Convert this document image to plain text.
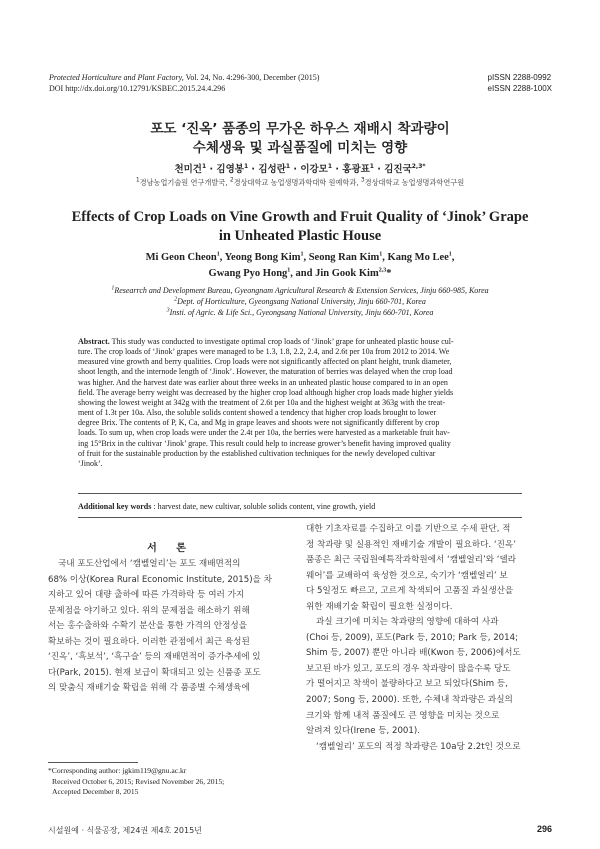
Protected Horticulture and Plant Factory, Vol. 24, No. 4:296-300, December (2015)
DOI http://dx.doi.org/10.12791/KSBEC.2015.24.4.296
pISSN 2288-0992
eISSN 2288-100X
포도 ‘진옥’ 품종의 무가온 하우스 재배시 착과량이
수체생육 및 과실품질에 미치는 영향
천미건$^1$ · 김영봉$^1$ · 김성란$^1$ · 이강모$^1$ · 홍광표$^1$ · 김진국$^{2,3*}$
$^1$경남농업기술원 연구개발국, $^2$경상대학교 농업생명과학대학 원예학과, $^3$경상대학교 농업생명과학연구원
Effects of Crop Loads on Vine Growth and Fruit Quality of ‘Jinok’ Grape
in Unheated Plastic House
Mi Geon Cheon$^1$, Yeong Bong Kim$^1$, Seong Ran Kim$^1$, Kang Mo Lee$^1$,
Gwang Pyo Hong$^1$, and Jin Gook Kim$^{2,3}$*
$^1$Researrch and Development Bureau, Gyeongnam Agricultural Research & Extension Services, Jinju 660-985, Korea
$^2$Dept. of Horticulture, Gyeongsang National University, Jinju 660-701, Korea
$^3$Insti. of Agric. & Life Sci., Gyeongsang National University, Jinju 660-701, Korea
Abstract. This study was conducted to investigate optimal crop loads of ‘Jinok’ grape for unheated plastic house cul-
ture. The crop loads of ‘Jinok’ grapes were managed to be 1.3, 1.8, 2.2, 2.4, and 2.6t per 10a from 2012 to 2014. We
measured vine growth and berry qualities. Crop loads were not significantly affected on plant height, trunk diameter,
shoot length, and the internode length of ‘Jinok’. However, the maturation of berries was delayed when the crop load
was higher. And the harvest date was earlier about three weeks in an unheated plastic house compared to in an open
field. The average berry weight was decreased by the higher crop load although higher crop loads made higher yields
showing the lowest weight at 342g with the treatment of 2.6t per 10a and the highest weight at 363g with the treat-
ment of 1.3t per 10a. Also, the soluble solids content showed a tendency that higher crop loads brought to lower
degree Brix. The contents of P, K, Ca, and Mg in grape leaves and shoots were not significantly different by crop
loads. To sum up, when crop loads were under the 2.4t per 10a, the berries were harvested as a marketable fruit hav-
ing 15°Brix in the cultivar ‘Jinok’ grape. This result could help to increase grower’s benefit having improved quality
of fruit for the sustainable production by the established cultivation techniques for the newly developed cultivar
‘Jinok’.
Additional key words : harvest date, new cultivar, soluble solids content, vine growth, yield
서 론
국내 포도산업에서 ‘캠벨얼리’는 포도 재배면적의
68% 이상(Korea Rural Economic Institute, 2015)을 차
지하고 있어 대량 출하에 따른 가격하락 등 여러 가지
문제점을 야기하고 있다. 위의 문제점을 해소하기 위해
서는 홍수출하와 수확기 분산을 통한 가격의 안정성을
확보하는 것이 필요하다. 이러한 관점에서 최근 육성된
‘진옥’, ‘흑보석’, ‘흑구슬’ 등의 재배면적이 증가추세에 있
다(Park, 2015). 현재 보급이 확대되고 있는 신품종 포도
의 맞춤식 재배기술 확립을 위해 각 품종별 수체생육에
대한 기초자료를 수집하고 이를 기반으로 수세 판단, 적
정 착과량 및 실용적인 재배기술 개발이 필요하다. ‘진옥’
품종은 최근 국립원예특작과학원에서 ‘캠벨얼리’와 ‘델라
웨어’를 교배하여 육성한 것으로, 숙기가 ‘캠벨얼리’ 보
다 5일정도 빠르고, 고르게 착색되어 고품질 과실생산을
위한 재배기술 확립이 필요한 실정이다.
과실 크기에 미치는 착과량의 영향에 대하여 사과
(Choi 등, 2009), 포도(Park 등, 2010; Park 등, 2014;
Shim 등, 2007) 뿐만 아니라 배(Kwon 등, 2006)에서도
보고된 바가 있고, 포도의 경우 착과량이 많을수록 당도
가 떨어지고 착색이 불량하다고 보고 되었다(Shim 등,
2007; Song 등, 2000). 또한, 수체내 착과량은 과실의
크기와 함께 내적 품질에도 큰 영향을 미치는 것으로
알려져 있다(Irene 등, 2001).
‘캠벨얼리’ 포도의 적정 착과량은 10a당 2.2t인 것으로
*Corresponding author: jgkim119@gnu.ac.kr
Received October 6, 2015; Revised November 26, 2015;
Accepted December 8, 2015
시설원예 · 식물공장, 제24권 제4호 2015년	296
